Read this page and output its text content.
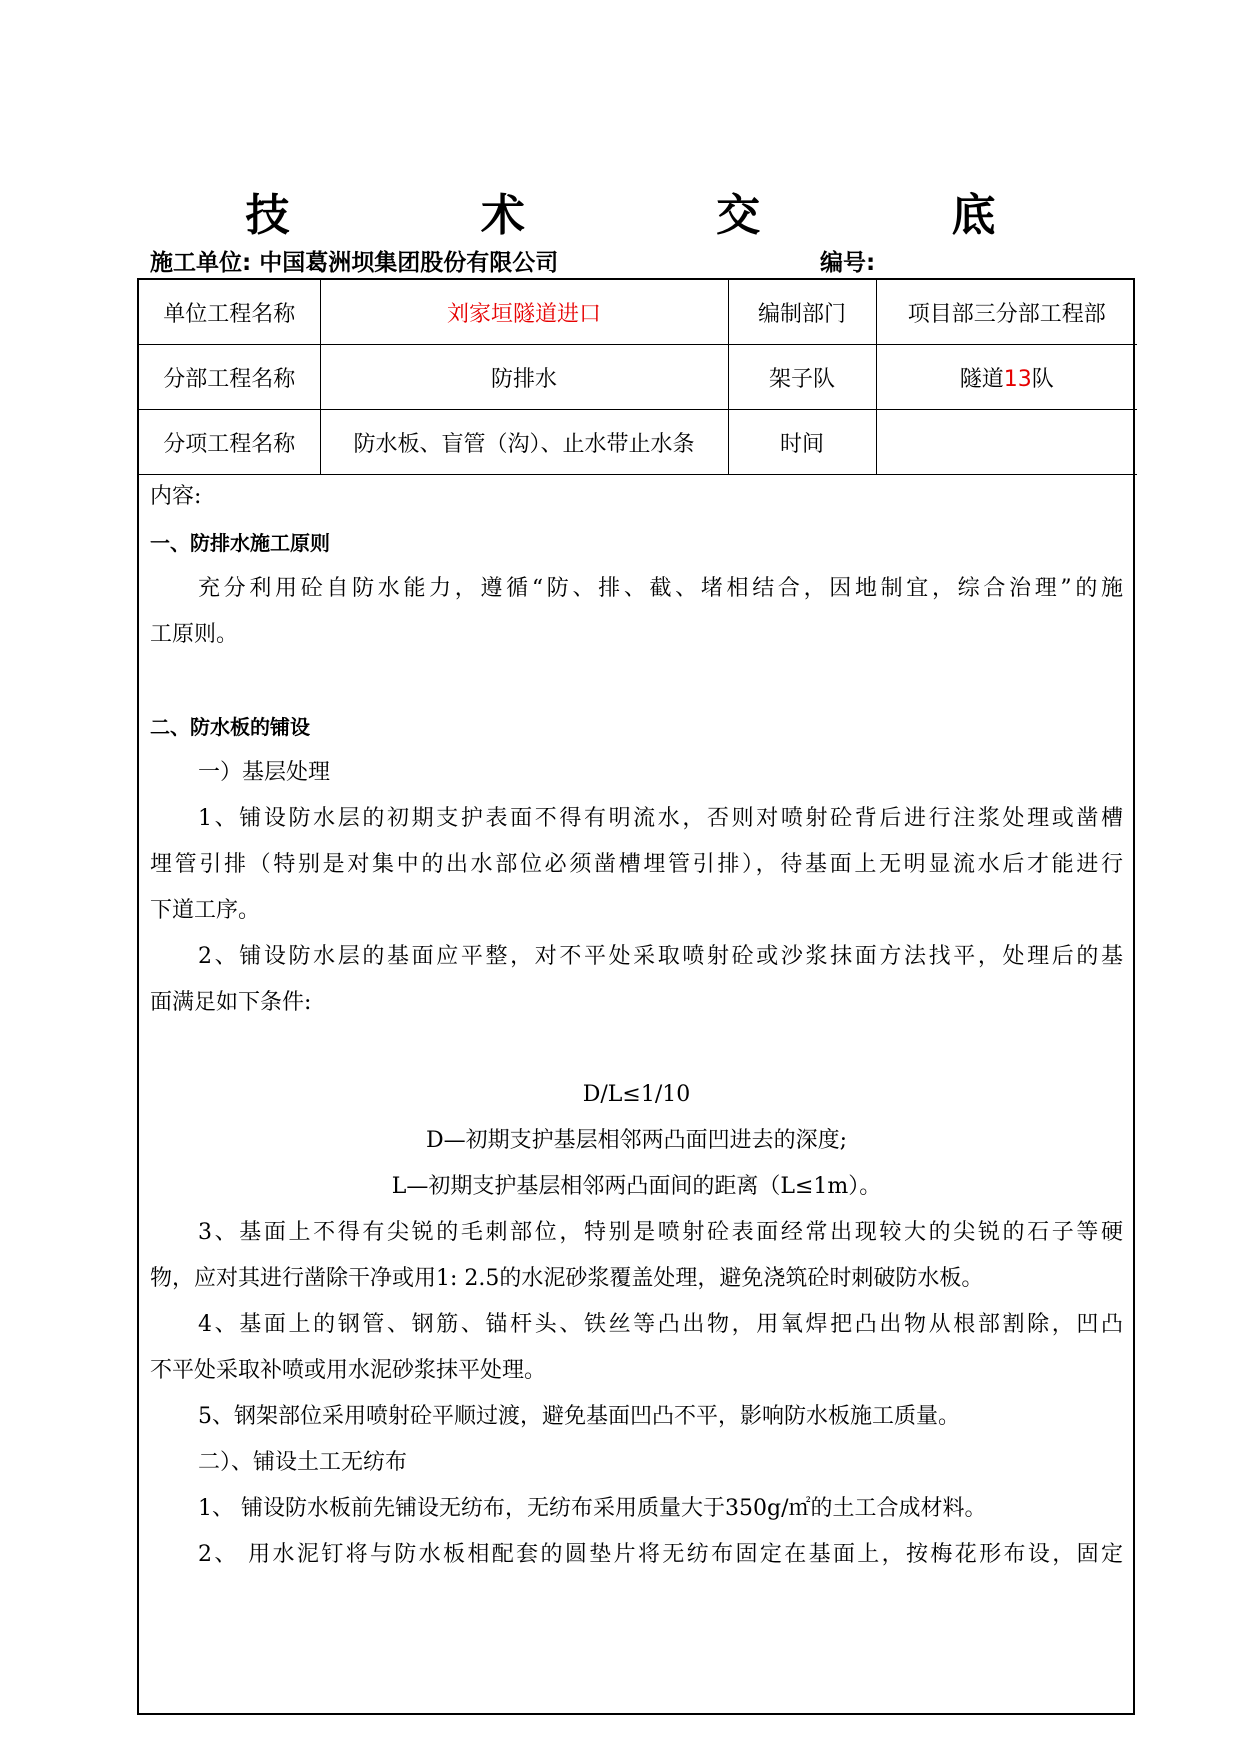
技 术 交 底
施工单位: 中国葛洲坝集团股份有限公司	编号:
单位工程名称	刘家垣隧道进口	编制部门	项目部三分部工程部
分部工程名称	防排水	架子队	隧道13队
分项工程名称	防水板、盲管（沟）、止水带止水条	时间	
内容:
一、防排水施工原则
充分利用砼自防水能力，遵循“防、排、截、堵相结合，因地制宜，综合治理”的施
工原则。
二、防水板的铺设
一）基层处理
1、铺设防水层的初期支护表面不得有明流水，否则对喷射砼背后进行注浆处理或凿槽
埋管引排（特别是对集中的出水部位必须凿槽埋管引排），待基面上无明显流水后才能进行
下道工序。
2、铺设防水层的基面应平整，对不平处采取喷射砼或沙浆抹面方法找平，处理后的基
面满足如下条件:
D/L≤1/10
D—初期支护基层相邻两凸面凹进去的深度;
L—初期支护基层相邻两凸面间的距离（L≤1m）。
3、基面上不得有尖锐的毛刺部位，特别是喷射砼表面经常出现较大的尖锐的石子等硬
物，应对其进行凿除干净或用1: 2.5的水泥砂浆覆盖处理，避免浇筑砼时刺破防水板。
4、基面上的钢管、钢筋、锚杆头、铁丝等凸出物，用氧焊把凸出物从根部割除，凹凸
不平处采取补喷或用水泥砂浆抹平处理。
5、钢架部位采用喷射砼平顺过渡，避免基面凹凸不平，影响防水板施工质量。
二）、铺设土工无纺布
1、 铺设防水板前先铺设无纺布，无纺布采用质量大于350g/㎡的土工合成材料。
2、 用水泥钉将与防水板相配套的圆垫片将无纺布固定在基面上，按梅花形布设，固定
